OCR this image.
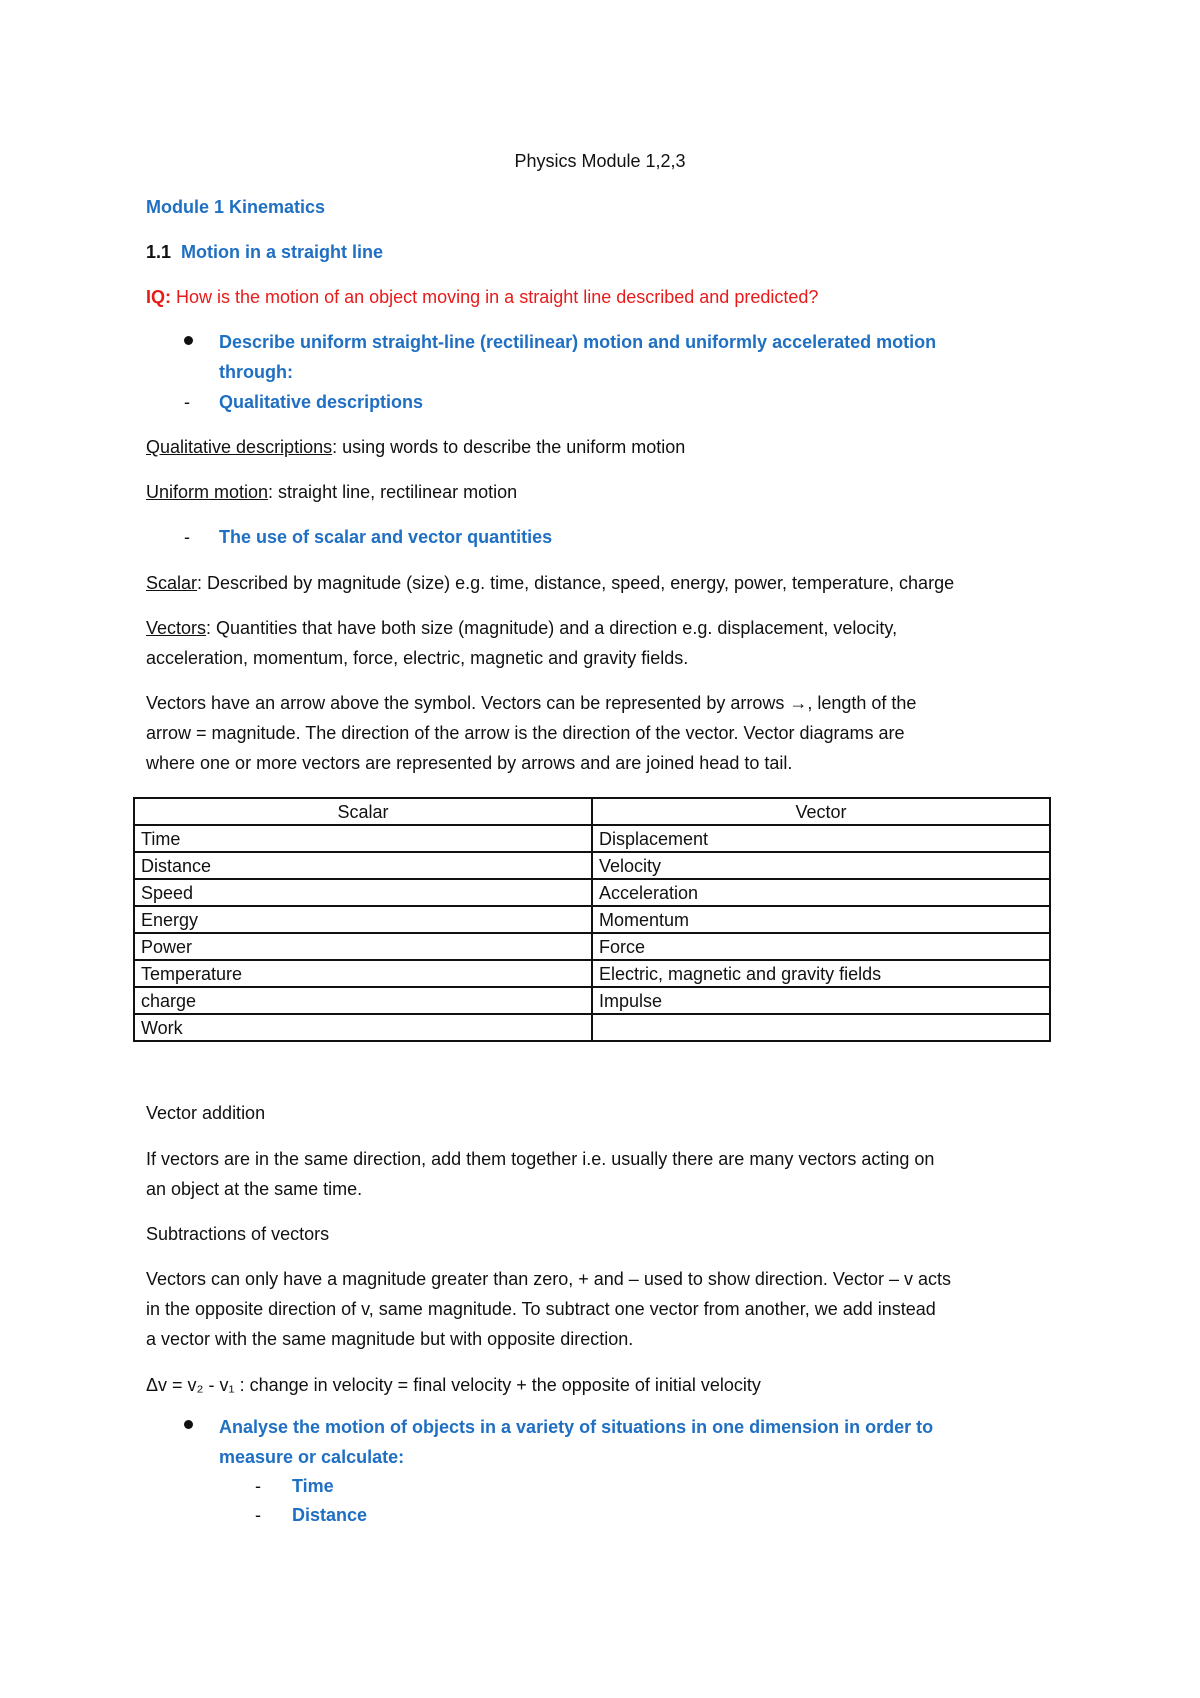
Physics Module 1,2,3
Module 1 Kinematics
1.1 Motion in a straight line
IQ: How is the motion of an object moving in a straight line described and predicted?
Describe uniform straight-line (rectilinear) motion and uniformly accelerated motion
through:
- Qualitative descriptions
Qualitative descriptions: using words to describe the uniform motion
Uniform motion: straight line, rectilinear motion
- The use of scalar and vector quantities
Scalar: Described by magnitude (size) e.g. time, distance, speed, energy, power, temperature, charge
Vectors: Quantities that have both size (magnitude) and a direction e.g. displacement, velocity,
acceleration, momentum, force, electric, magnetic and gravity fields.
Vectors have an arrow above the symbol. Vectors can be represented by arrows →, length of the
arrow = magnitude. The direction of the arrow is the direction of the vector. Vector diagrams are
where one or more vectors are represented by arrows and are joined head to tail.
Scalar	Vector
Time	Displacement
Distance	Velocity
Speed	Acceleration
Energy	Momentum
Power	Force
Temperature	Electric, magnetic and gravity fields
charge	Impulse
Work	
Vector addition
If vectors are in the same direction, add them together i.e. usually there are many vectors acting on
an object at the same time.
Subtractions of vectors
Vectors can only have a magnitude greater than zero, + and – used to show direction. Vector – v acts
in the opposite direction of v, same magnitude. To subtract one vector from another, we add instead
a vector with the same magnitude but with opposite direction.
Δv = v₂ - v₁ : change in velocity = final velocity + the opposite of initial velocity
Analyse the motion of objects in a variety of situations in one dimension in order to
measure or calculate:
- Time
- Distance
